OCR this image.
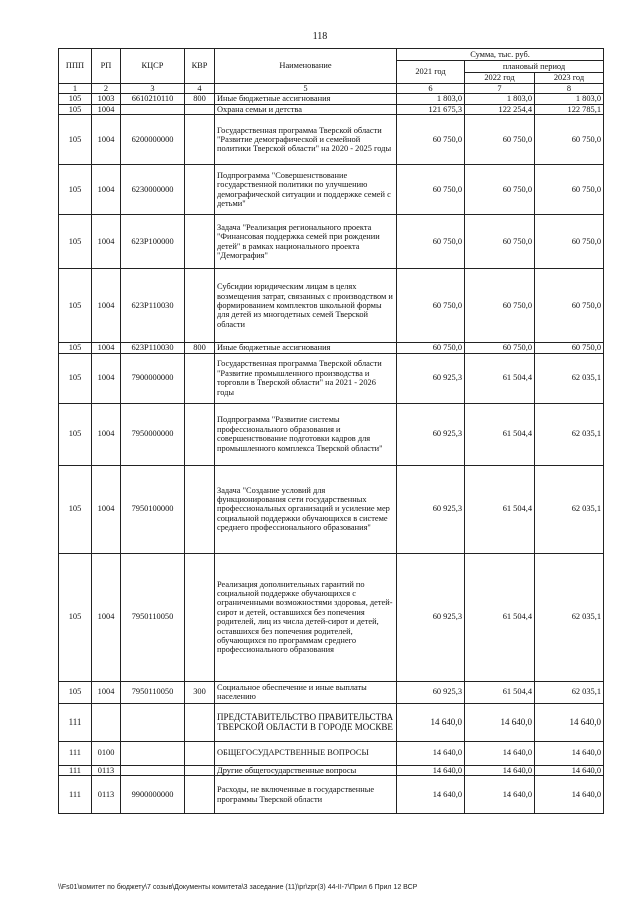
118
ППП	РП	КЦСР	КВР	Наименование	Сумма, тыс. руб.		
					2021 год	плановый период	
						2022 год	2023 год
1	2	3	4	5	6	7	8
105	1003	6610210110	800	Иные бюджетные ассигнования	1 803,0	1 803,0	1 803,0
105	1004			Охрана семьи и детства	121 675,3	122 254,4	122 785,1
105	1004	6200000000		Государственная программа Тверской области "Развитие демографической и семейной политики Тверской области" на 2020 - 2025 годы	60 750,0	60 750,0	60 750,0
105	1004	6230000000		Подпрограмма "Совершенствование государственной политики по улучшению демографической ситуации и поддержке семей с детьми"	60 750,0	60 750,0	60 750,0
105	1004	623P100000		Задача "Реализация регионального проекта "Финансовая поддержка семей при рождении детей" в рамках национального проекта "Демография"	60 750,0	60 750,0	60 750,0
105	1004	623P110030		Субсидии юридическим лицам в целях возмещения затрат, связанных с производством и формированием комплектов школьной формы для детей из многодетных семей Тверской области	60 750,0	60 750,0	60 750,0
105	1004	623P110030	800	Иные бюджетные ассигнования	60 750,0	60 750,0	60 750,0
105	1004	7900000000		Государственная программа Тверской области "Развитие промышленного производства и торговли в Тверской области" на 2021 - 2026 годы	60 925,3	61 504,4	62 035,1
105	1004	7950000000		Подпрограмма "Развитие системы профессионального образования и совершенствование подготовки кадров для промышленного комплекса Тверской области"	60 925,3	61 504,4	62 035,1
105	1004	7950100000		Задача "Создание условий для функционирования сети государственных профессиональных организаций и усиление мер социальной поддержки обучающихся в системе среднего профессионального образования"	60 925,3	61 504,4	62 035,1
105	1004	7950110050		Реализация дополнительных гарантий по социальной поддержке обучающихся с ограниченными возможностями здоровья, детей-сирот и детей, оставшихся без попечения родителей, лиц из числа детей-сирот и детей, оставшихся без попечения родителей, обучающихся по программам среднего профессионального образования	60 925,3	61 504,4	62 035,1
105	1004	7950110050	300	Социальное обеспечение и иные выплаты населению	60 925,3	61 504,4	62 035,1
111				ПРЕДСТАВИТЕЛЬСТВО ПРАВИТЕЛЬСТВА ТВЕРСКОЙ ОБЛАСТИ В ГОРОДЕ МОСКВЕ	14 640,0	14 640,0	14 640,0
111	0100			ОБЩЕГОСУДАРСТВЕННЫЕ ВОПРОСЫ	14 640,0	14 640,0	14 640,0
111	0113			Другие общегосударственные вопросы	14 640,0	14 640,0	14 640,0
111	0113	9900000000		Расходы, не включенные в государственные программы Тверской области	14 640,0	14 640,0	14 640,0
\\Fs01\комитет по бюджету\7 созыв\Документы комитета\3 заседание (11)\pr\zpr(3) 44-II-7\Прил 6 Прил 12 ВСР
